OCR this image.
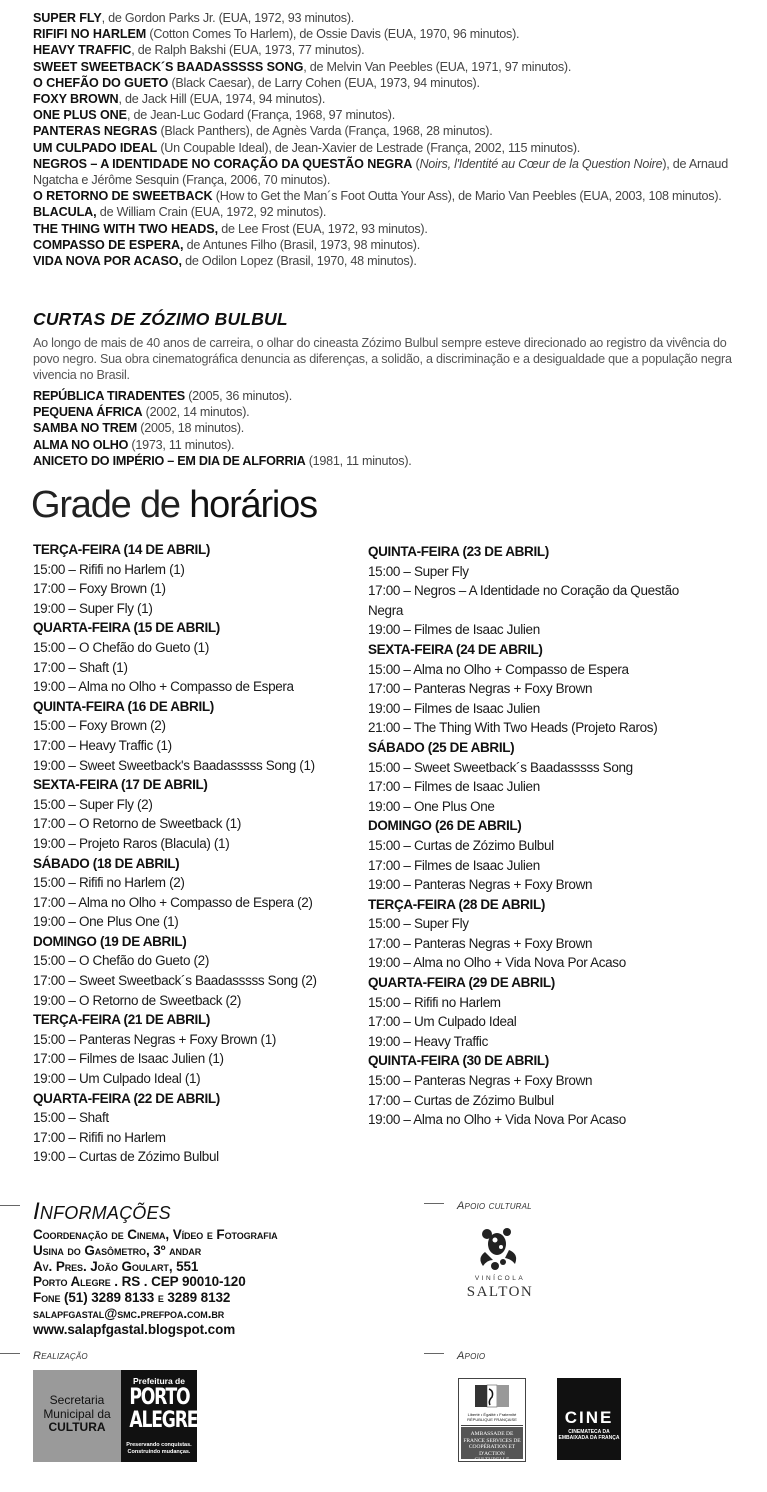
SUPER FLY, de Gordon Parks Jr. (EUA, 1972, 93 minutos).
RIFIFI NO HARLEM (Cotton Comes To Harlem), de Ossie Davis (EUA, 1970, 96 minutos).
HEAVY TRAFFIC, de Ralph Bakshi (EUA, 1973, 77 minutos).
SWEET SWEETBACK´S BAADASSSSS SONG, de Melvin Van Peebles (EUA, 1971, 97 minutos).
O CHEFÃO DO GUETO (Black Caesar), de Larry Cohen (EUA, 1973, 94 minutos).
FOXY BROWN, de Jack Hill (EUA, 1974, 94 minutos).
ONE PLUS ONE, de Jean-Luc Godard (França, 1968, 97 minutos).
PANTERAS NEGRAS (Black Panthers), de Agnès Varda (França, 1968, 28 minutos).
UM CULPADO IDEAL (Un Coupable Ideal), de Jean-Xavier de Lestrade (França, 2002, 115 minutos).
NEGROS – A IDENTIDADE NO CORAÇÃO DA QUESTÃO NEGRA (Noirs, l'Identité au Cœur de la Question Noire), de Arnaud Ngatcha e Jérôme Sesquin (França, 2006, 70 minutos).
O RETORNO DE SWEETBACK (How to Get the Man´s Foot Outta Your Ass), de Mario Van Peebles (EUA, 2003, 108 minutos).
BLACULA, de William Crain (EUA, 1972, 92 minutos).
THE THING WITH TWO HEADS, de Lee Frost (EUA, 1972, 93 minutos).
COMPASSO DE ESPERA, de Antunes Filho (Brasil, 1973, 98 minutos).
VIDA NOVA POR ACASO, de Odilon Lopez (Brasil, 1970, 48 minutos).
CURTAS DE ZÓZIMO BULBUL
Ao longo de mais de 40 anos de carreira, o olhar do cineasta Zózimo Bulbul sempre esteve direcionado ao registro da vivência do povo negro. Sua obra cinematográfica denuncia as diferenças, a solidão, a discriminação e a desigualdade que a população negra vivencia no Brasil.
REPÚBLICA TIRADENTES (2005, 36 minutos).
PEQUENA ÁFRICA (2002, 14 minutos).
SAMBA NO TREM (2005, 18 minutos).
ALMA NO OLHO (1973, 11 minutos).
ANICETO DO IMPÉRIO – EM DIA DE ALFORRIA (1981, 11 minutos).
Grade de horários
TERÇA-FEIRA (14 DE ABRIL)
15:00 – Rififi no Harlem (1)
17:00 – Foxy Brown (1)
19:00 – Super Fly (1)
QUARTA-FEIRA (15 DE ABRIL)
15:00 – O Chefão do Gueto (1)
17:00 – Shaft (1)
19:00 – Alma no Olho + Compasso de Espera
QUINTA-FEIRA (16 DE ABRIL)
15:00 – Foxy Brown (2)
17:00 – Heavy Traffic (1)
19:00 – Sweet Sweetback's Baadasssss Song (1)
SEXTA-FEIRA (17 DE ABRIL)
15:00 – Super Fly (2)
17:00 – O Retorno de Sweetback (1)
19:00 – Projeto Raros (Blacula) (1)
SÁBADO (18 DE ABRIL)
15:00 – Rififi no Harlem (2)
17:00 – Alma no Olho + Compasso de Espera (2)
19:00 – One Plus One (1)
DOMINGO (19 DE ABRIL)
15:00 – O Chefão do Gueto (2)
17:00 – Sweet Sweetback´s Baadasssss Song (2)
19:00 – O Retorno de Sweetback (2)
TERÇA-FEIRA (21 DE ABRIL)
15:00 – Panteras Negras + Foxy Brown (1)
17:00 – Filmes de Isaac Julien (1)
19:00 – Um Culpado Ideal (1)
QUARTA-FEIRA (22 DE ABRIL)
15:00 – Shaft
17:00 – Rififi no Harlem
19:00 – Curtas de Zózimo Bulbul
QUINTA-FEIRA (23 DE ABRIL)
15:00 – Super Fly
17:00 – Negros – A Identidade no Coração da Questão Negra
19:00 – Filmes de Isaac Julien
SEXTA-FEIRA (24 DE ABRIL)
15:00 – Alma no Olho + Compasso de Espera
17:00 – Panteras Negras + Foxy Brown
19:00 – Filmes de Isaac Julien
21:00 – The Thing With Two Heads (Projeto Raros)
SÁBADO (25 DE ABRIL)
15:00 – Sweet Sweetback´s Baadasssss Song
17:00 – Filmes de Isaac Julien
19:00 – One Plus One
DOMINGO (26 DE ABRIL)
15:00 – Curtas de Zózimo Bulbul
17:00 – Filmes de Isaac Julien
19:00 – Panteras Negras + Foxy Brown
TERÇA-FEIRA (28 DE ABRIL)
15:00 – Super Fly
17:00 – Panteras Negras + Foxy Brown
19:00 – Alma no Olho + Vida Nova Por Acaso
QUARTA-FEIRA (29 DE ABRIL)
15:00 – Rififi no Harlem
17:00 – Um Culpado Ideal
19:00 – Heavy Traffic
QUINTA-FEIRA (30 DE ABRIL)
15:00 – Panteras Negras + Foxy Brown
17:00 – Curtas de Zózimo Bulbul
19:00 – Alma no Olho + Vida Nova Por Acaso
INFORMAÇÕES
Coordenação de Cinema, Vídeo e Fotografia
Usina do Gasômetro, 3º andar
Av. Pres. João Goulart, 551
Porto Alegre . RS . CEP 90010-120
Fone (51) 3289 8133 e 3289 8132
salapfgastal@smc.prefpoa.com.br
www.salapfgastal.blogspot.com
Apoio cultural
VINÍCOLA
SALTON
Realização
Secretaria
Municipal da
CULTURA
Prefeitura de
PORTO
ALEGRE
Preservando conquistas. Construindo mudanças.
Apoio
Liberté • Égalité • Fraternité RÉPUBLIQUE FRANÇAISE
AMBASSADE DE FRANCE SERVICES DE COOPÉRATION ET D'ACTION CULTURELLE
CINE
CINEMATECA DA EMBAIXADA DA FRANÇA
